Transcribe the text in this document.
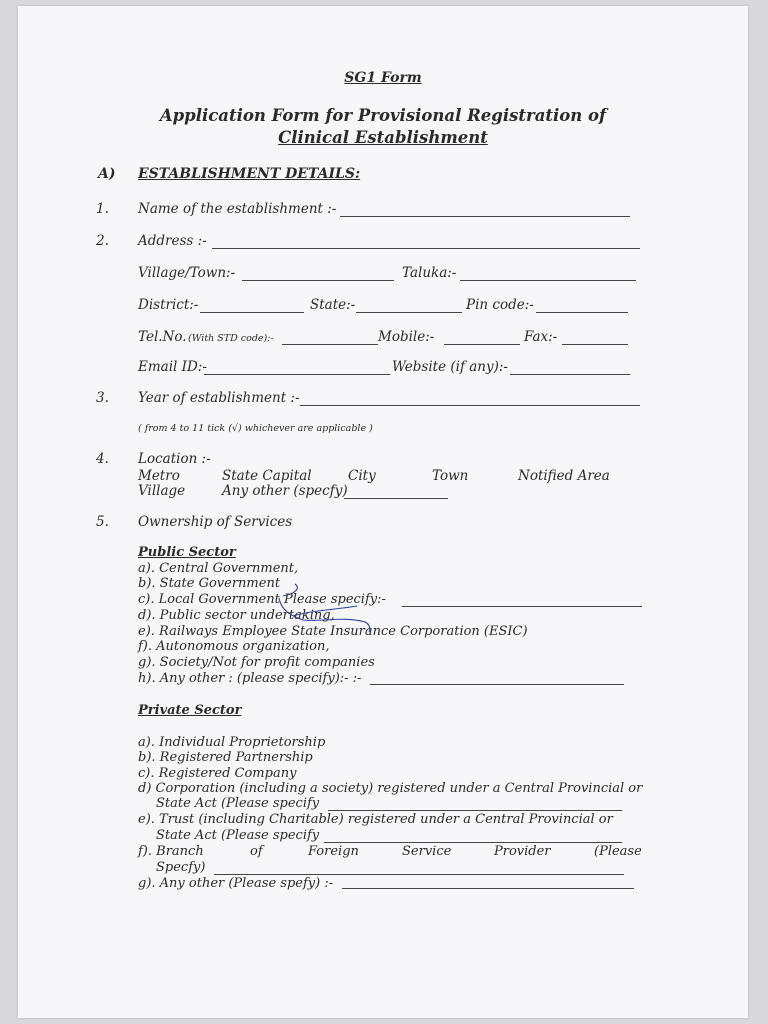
SG1 Form
Application Form for Provisional Registration of
Clinical Establishment
A) ESTABLISHMENT DETAILS:
1. Name of the establishment :-
2. Address :-
Village/Town:-	Taluka:-
District:-	State:-	Pin code:-
Tel.No. (With STD code):-	Mobile:-	Fax:-
Email ID:-	Website (if any):-
3. Year of establishment :-
( from 4 to 11 tick (√) whichever are applicable )
4. Location :-
Metro	State Capital	City	Town	Notified Area
Village	Any other (specfy)
5. Ownership of Services
Public Sector
a). Central Government,
b). State Government
c). Local Government Please specify:-
d). Public sector undertaking,
e). Railways Employee State Insurance Corporation (ESIC)
f). Autonomous organization,
g). Society/Not for profit companies
h). Any other : (please specify):- :-
Private Sector
a). Individual Proprietorship
b). Registered Partnership
c). Registered Company
d) Corporation (including a society) registered under a Central Provincial or
State Act (Please specify
e). Trust (including Charitable) registered under a Central Provincial or
State Act (Please specify
f). Branch	of	Foreign	Service	Provider	(Please
Specfy)
g). Any other (Please spefy) :-
